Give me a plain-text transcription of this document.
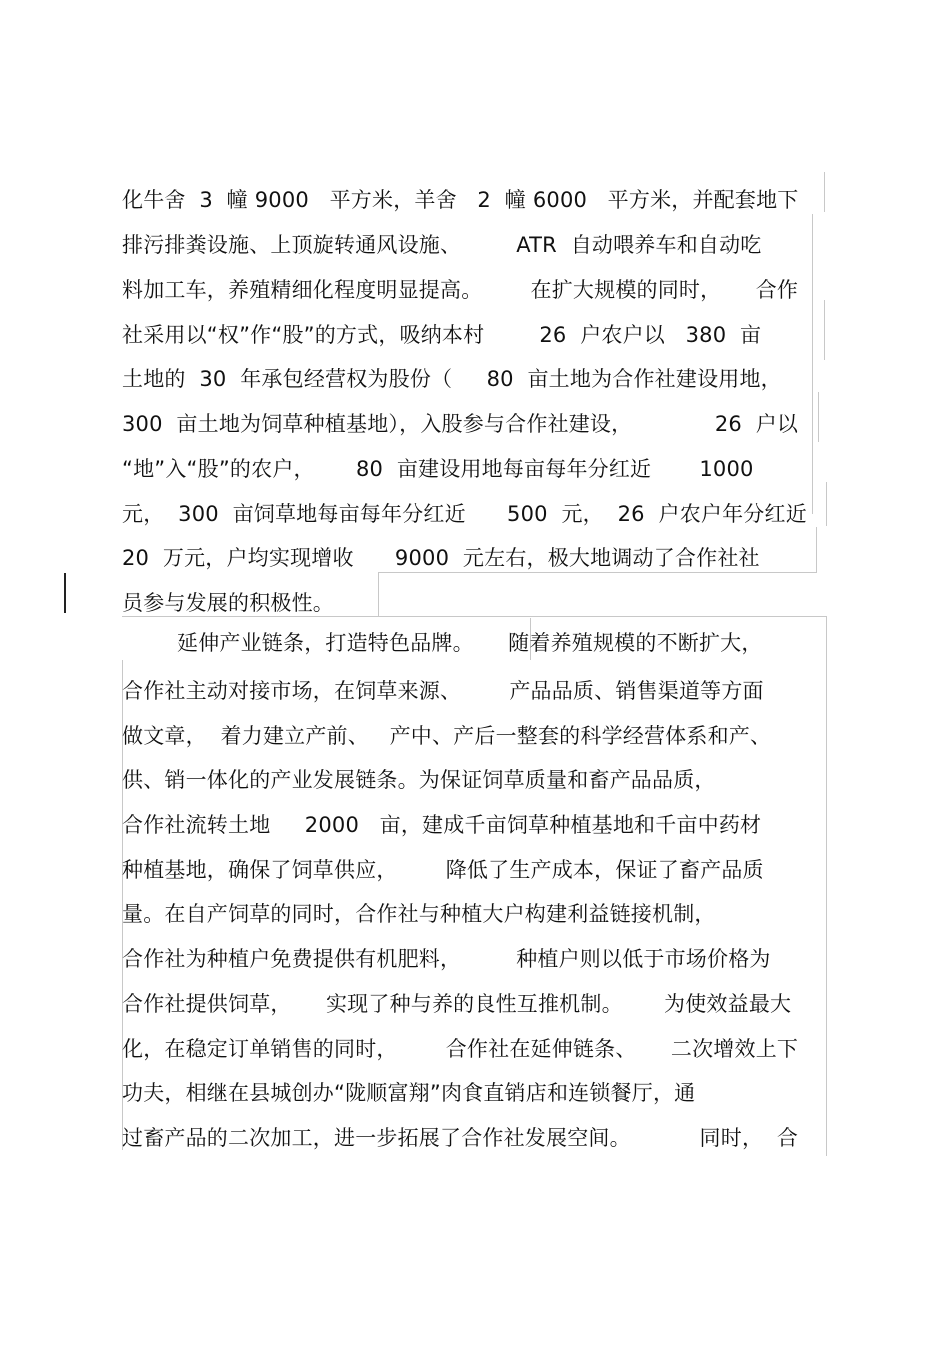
化牛舍  3  幢 9000   平方米，羊舍   2  幢 6000   平方米，并配套地下
排污排粪设施、上顶旋转通风设施、        ATR  自动喂养车和自动吃
料加工车，养殖精细化程度明显提高。       在扩大规模的同时，     合作
社采用以“权”作“股”的方式，吸纳本村        26  户农户以   380  亩
土地的  30  年承包经营权为股份（     80  亩土地为合作社建设用地，
300  亩土地为饲草种植基地），入股参与合作社建设，            26  户以
“地”入“股”的农户，      80  亩建设用地每亩每年分红近       1000
元，  300  亩饲草地每亩每年分红近      500  元，  26  户农户年分红近
20  万元，户均实现增收      9000  元左右，极大地调动了合作社社
员参与发展的积极性。
延伸产业链条，打造特色品牌。     随着养殖规模的不断扩大，
合作社主动对接市场，在饲草来源、       产品品质、销售渠道等方面
做文章，  着力建立产前、   产中、产后一整套的科学经营体系和产、
供、销一体化的产业发展链条。为保证饲草质量和畜产品品质，
合作社流转土地     2000   亩，建成千亩饲草种植基地和千亩中药材
种植基地，确保了饲草供应，       降低了生产成本，保证了畜产品质
量。在自产饲草的同时，合作社与种植大户构建利益链接机制，
合作社为种植户免费提供有机肥料，        种植户则以低于市场价格为
合作社提供饲草，     实现了种与养的良性互推机制。      为使效益最大
化，在稳定订单销售的同时，       合作社在延伸链条、     二次增效上下
功夫，相继在县城创办“陇顺富翔”肉食直销店和连锁餐厅，通
过畜产品的二次加工，进一步拓展了合作社发展空间。          同时，  合
